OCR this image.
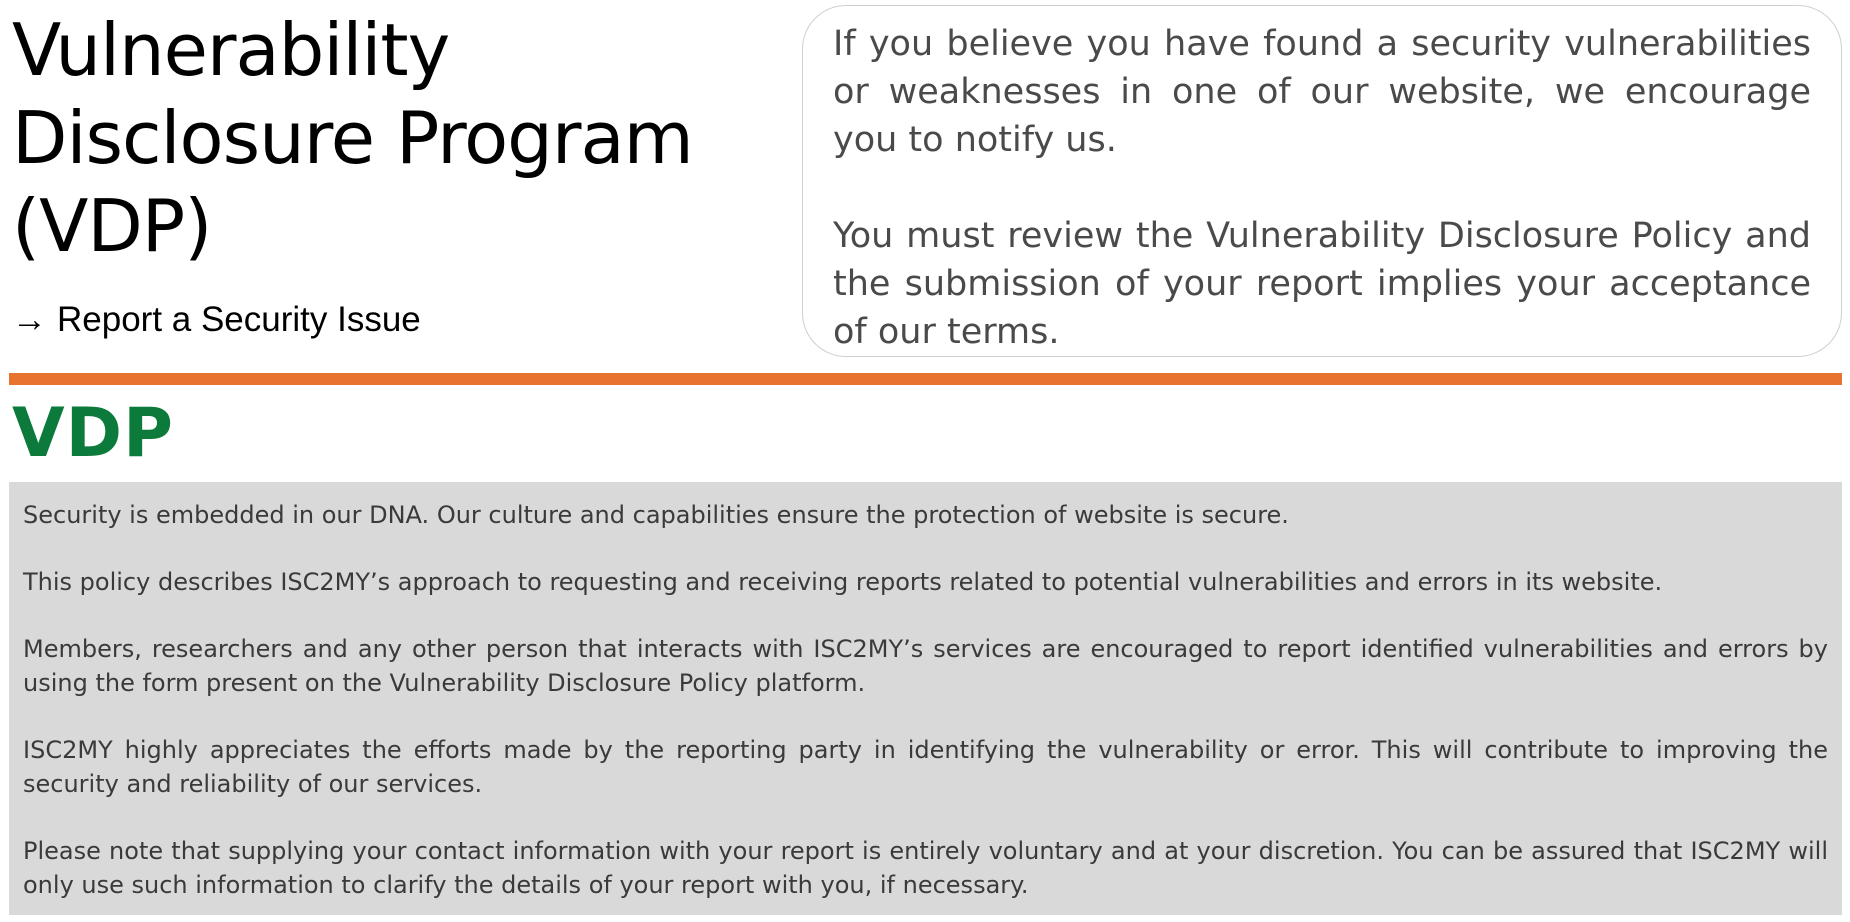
Vulnerability Disclosure Program (VDP)
→ Report a Security Issue

If you believe you have found a security vulnerabilities or weaknesses in one of our website, we encourage you to notify us.

You must review the Vulnerability Disclosure Policy and the submission of your report implies your acceptance of our terms.

VDP

Security is embedded in our DNA. Our culture and capabilities ensure the protection of website is secure.

This policy describes ISC2MY’s approach to requesting and receiving reports related to potential vulnerabilities and errors in its website.

Members, researchers and any other person that interacts with ISC2MY’s services are encouraged to report identified vulnerabilities and errors by using the form present on the Vulnerability Disclosure Policy platform.

ISC2MY highly appreciates the efforts made by the reporting party in identifying the vulnerability or error. This will contribute to improving the security and reliability of our services.

Please note that supplying your contact information with your report is entirely voluntary and at your discretion. You can be assured that ISC2MY will only use such information to clarify the details of your report with you, if necessary.
